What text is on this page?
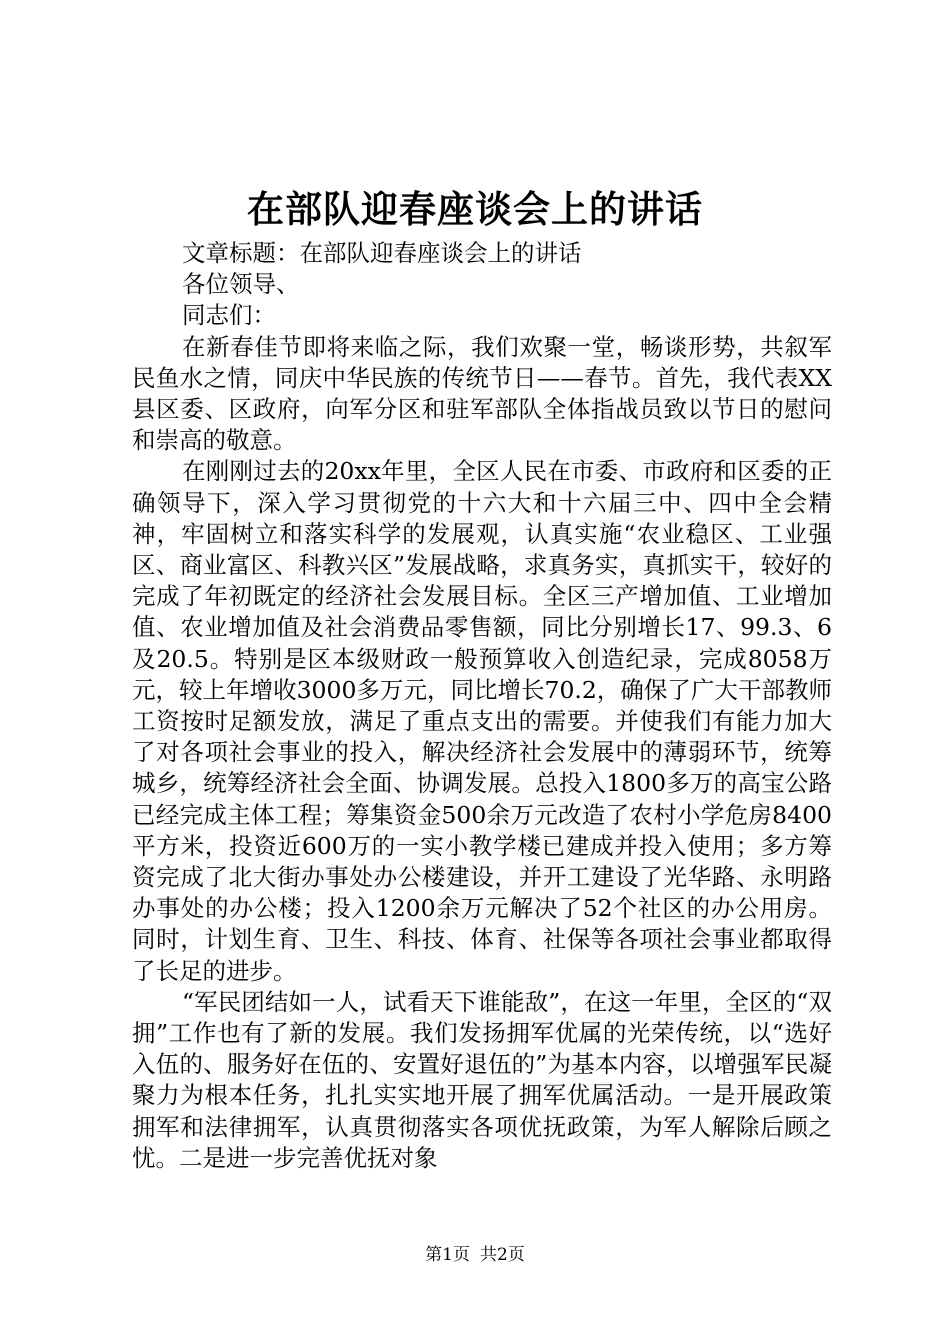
在部队迎春座谈会上的讲话

文章标题：在部队迎春座谈会上的讲话

各位领导、

同志们：

在新春佳节即将来临之际，我们欢聚一堂，畅谈形势，共叙军民鱼水之情，同庆中华民族的传统节日——春节。首先，我代表XX县区委、区政府，向军分区和驻军部队全体指战员致以节日的慰问和崇高的敬意。

在刚刚过去的20xx年里，全区人民在市委、市政府和区委的正确领导下，深入学习贯彻党的十六大和十六届三中、四中全会精神，牢固树立和落实科学的发展观，认真实施“农业稳区、工业强区、商业富区、科教兴区”发展战略，求真务实，真抓实干，较好的完成了年初既定的经济社会发展目标。全区三产增加值、工业增加值、农业增加值及社会消费品零售额，同比分别增长17、99.3、6及20.5。特别是区本级财政一般预算收入创造纪录，完成8058万元，较上年增收3000多万元，同比增长70.2，确保了广大干部教师工资按时足额发放，满足了重点支出的需要。并使我们有能力加大了对各项社会事业的投入，解决经济社会发展中的薄弱环节，统筹城乡，统筹经济社会全面、协调发展。总投入1800多万的高宝公路已经完成主体工程；筹集资金500余万元改造了农村小学危房8400平方米，投资近600万的一实小教学楼已建成并投入使用；多方筹资完成了北大街办事处办公楼建设，并开工建设了光华路、永明路办事处的办公楼；投入1200余万元解决了52个社区的办公用房。同时，计划生育、卫生、科技、体育、社保等各项社会事业都取得了长足的进步。

“军民团结如一人，试看天下谁能敌”，在这一年里，全区的“双拥”工作也有了新的发展。我们发扬拥军优属的光荣传统，以“选好入伍的、服务好在伍的、安置好退伍的”为基本内容，以增强军民凝聚力为根本任务，扎扎实实地开展了拥军优属活动。一是开展政策拥军和法律拥军，认真贯彻落实各项优抚政策，为军人解除后顾之忧。二是进一步完善优抚对象

第1页 共2页
